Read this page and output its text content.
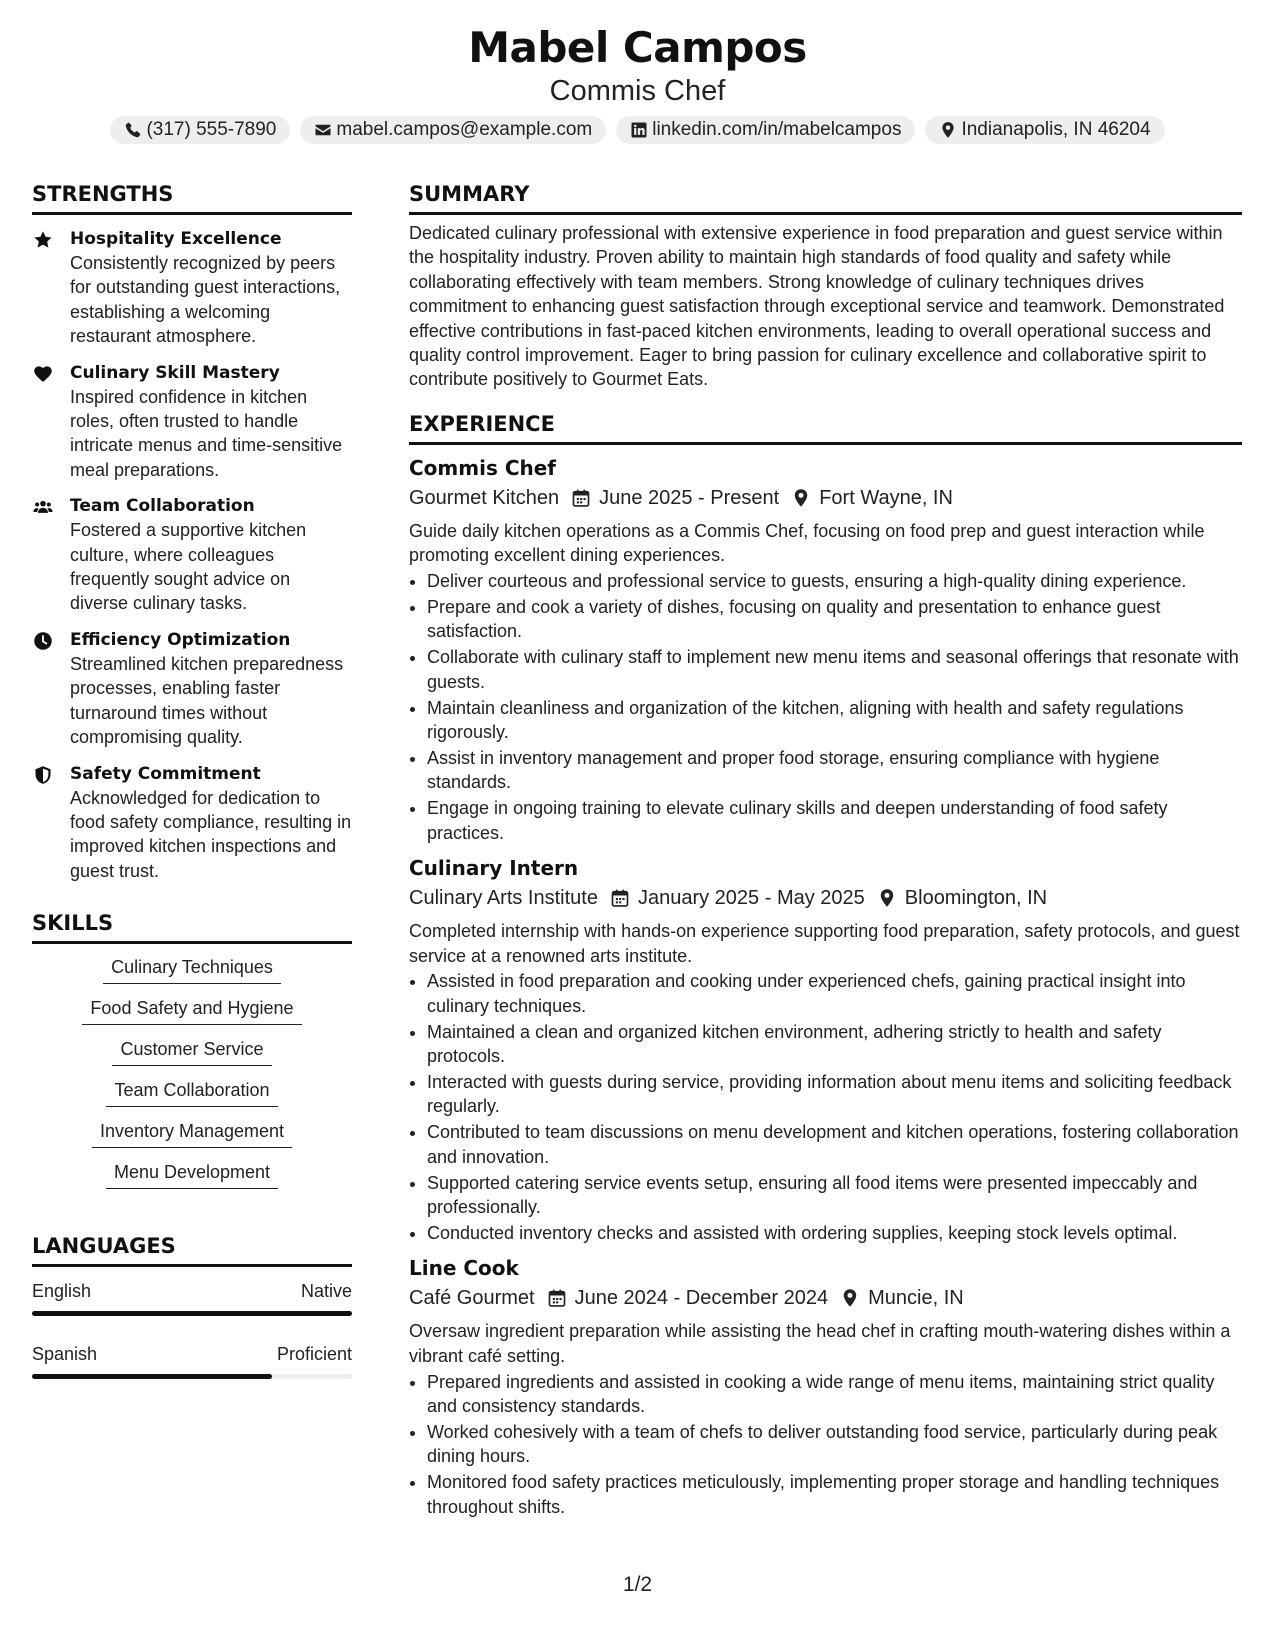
Mabel Campos
Commis Chef
(317) 555-7890	mabel.campos@example.com	linkedin.com/in/mabelcampos	Indianapolis, IN 46204
STRENGTHS
Hospitality Excellence
Consistently recognized by peers for outstanding guest interactions, establishing a welcoming restaurant atmosphere.
Culinary Skill Mastery
Inspired confidence in kitchen roles, often trusted to handle intricate menus and time-sensitive meal preparations.
Team Collaboration
Fostered a supportive kitchen culture, where colleagues frequently sought advice on diverse culinary tasks.
Efficiency Optimization
Streamlined kitchen preparedness processes, enabling faster turnaround times without compromising quality.
Safety Commitment
Acknowledged for dedication to food safety compliance, resulting in improved kitchen inspections and guest trust.
SKILLS
Culinary Techniques
Food Safety and Hygiene
Customer Service
Team Collaboration
Inventory Management
Menu Development
LANGUAGES
English	Native
Spanish	Proficient
SUMMARY
Dedicated culinary professional with extensive experience in food preparation and guest service within the hospitality industry. Proven ability to maintain high standards of food quality and safety while collaborating effectively with team members. Strong knowledge of culinary techniques drives commitment to enhancing guest satisfaction through exceptional service and teamwork. Demonstrated effective contributions in fast-paced kitchen environments, leading to overall operational success and quality control improvement. Eager to bring passion for culinary excellence and collaborative spirit to contribute positively to Gourmet Eats.
EXPERIENCE
Commis Chef
Gourmet Kitchen June 2025 - Present Fort Wayne, IN
Guide daily kitchen operations as a Commis Chef, focusing on food prep and guest interaction while promoting excellent dining experiences.
• Deliver courteous and professional service to guests, ensuring a high-quality dining experience.
• Prepare and cook a variety of dishes, focusing on quality and presentation to enhance guest satisfaction.
• Collaborate with culinary staff to implement new menu items and seasonal offerings that resonate with guests.
• Maintain cleanliness and organization of the kitchen, aligning with health and safety regulations rigorously.
• Assist in inventory management and proper food storage, ensuring compliance with hygiene standards.
• Engage in ongoing training to elevate culinary skills and deepen understanding of food safety practices.
Culinary Intern
Culinary Arts Institute January 2025 - May 2025 Bloomington, IN
Completed internship with hands-on experience supporting food preparation, safety protocols, and guest service at a renowned arts institute.
• Assisted in food preparation and cooking under experienced chefs, gaining practical insight into culinary techniques.
• Maintained a clean and organized kitchen environment, adhering strictly to health and safety protocols.
• Interacted with guests during service, providing information about menu items and soliciting feedback regularly.
• Contributed to team discussions on menu development and kitchen operations, fostering collaboration and innovation.
• Supported catering service events setup, ensuring all food items were presented impeccably and professionally.
• Conducted inventory checks and assisted with ordering supplies, keeping stock levels optimal.
Line Cook
Café Gourmet June 2024 - December 2024 Muncie, IN
Oversaw ingredient preparation while assisting the head chef in crafting mouth-watering dishes within a vibrant café setting.
• Prepared ingredients and assisted in cooking a wide range of menu items, maintaining strict quality and consistency standards.
• Worked cohesively with a team of chefs to deliver outstanding food service, particularly during peak dining hours.
• Monitored food safety practices meticulously, implementing proper storage and handling techniques throughout shifts.
1/2
